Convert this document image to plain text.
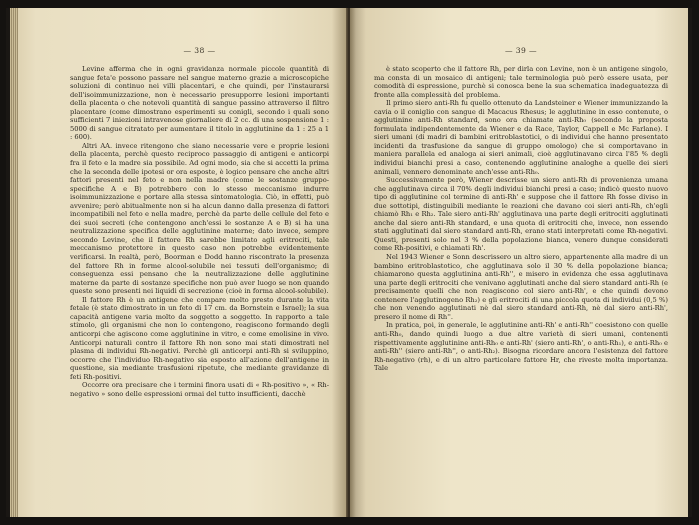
— 38 —

Levine afferma che in ogni gravidanza normale piccole quantità di sangue feta'e possono passare nel sangue materno grazie a microscopiche soluzioni di continuo nei villi placentari, e che quindi, per l'instaurarsi dell'isoimmunizzazione, non è necessario presupporre lesioni importanti della placenta o che notevoli quantità di sangue passino attraverso il filtro placentare (come dimostrano esperimenti su conigli, secondo i quali sono sufficienti 7 iniezioni intravenose giornaliere di 2 cc. di una sospensione 1 : 5000 di sangue citratato per aumentare il titolo in agglutinine da 1 : 25 a 1 : 600).

Altri AA. invece ritengono che siano necessarie vere e proprie lesioni della placenta, perchè questo reciproco passaggio di antigeni e anticorpi fra il feto e la madre sia possibile. Ad ogni modo, sia che si accetti la prima che la seconda delle ipotesi or ora esposte, è logico pensare che anche altri fattori presenti nel feto e non nella madre (come le sostanze gruppo-specifiche A e B) potrebbero con lo stesso meccanismo indurre isoimmunizzazione e portare alla stessa sintomatologia. Ciò, in effetti, può avvenire; però abitualmente non si ha alcun danno dalla presenza di fattori incompatibili nel feto e nella madre, perchè da parte delle cellule del feto e dei suoi secreti (che contengono anch'essi le sostanze A e B) si ha una neutralizzazione specifica delle agglutinine materne; dato invece, sempre secondo Levine, che il fattore Rh sarebbe limitato agli eritrociti, tale meccanismo protettore in questo caso non potrebbe evidentemente verificarsi. In realtà, però, Boorman e Dodd hanno riscontrato la presenza del fattore Rh in forme alcool-solubile nei tessuti dell'organismo; di conseguenza essi pensano che la neutralizzazione delle agglutinine materne da parte di sostanze specifiche non può aver luogo se non quando queste sono presenti nei liquidi di secrezione (cioè in forma alcool-solubile).

Il fattore Rh è un antigene che compare molto presto durante la vita fetale (è stato dimostrato in un feto di 17 cm. da Bornstein e Israel); la sua capacità antigene varia molto da soggetto a soggetto. In rapporto a tale stimolo, gli organismi che non lo contengono, reagiscono formando degli anticorpi che agiscono come agglutinine in vitro, e come emolisine in vivo. Anticorpi naturali contro il fattore Rh non sono mai stati dimostrati nel plasma di individui Rh-negativi. Perchè gli anticorpi anti-Rh si sviluppino, occorre che l'individuo Rh-negativo sia esposto all'azione dell'antigene in questione, sia mediante trasfusioni ripetute, che mediante gravidanze di feti Rh-positivi.

Occorre ora precisare che i termini finora usati di « Rh-positivo », « Rh-negativo » sono delle espressioni ormai del tutto insufficienti, dacchè

— 39 —

è stato scoperto che il fattore Rh, per dirla con Levine, non è un antigene singolo, ma consta di un mosaico di antigeni; tale terminologia può però essere usata, per comodità di espressione, purchè si conosca bene la sua schematica inadeguatezza di fronte alla complessità del problema.

Il primo siero anti-Rh fu quello ottenuto da Landsteiner e Wiener immunizzando la cavia o il coniglio con sangue di Macacus Rhesus; le agglutinine in esso contenute, o agglutinine anti-Rh standard, sono ora chiamate anti-Rh₀ (secondo la proposta formulata indipendentemente da Wiener e da Race, Taylor, Cappell e Mc Farlane). I sieri umani (di madri di bambini eritroblastotici, o di individui che hanno presentato incidenti da trasfusione da sangue di gruppo omologo) che si comportavano in maniera parallela ed analoga ai sieri animali, cioè agglutinavano circa l'85 % degli individui bianchi presi a caso, contenendo agglutinine analoghe a quelle dei sieri animali, vennero denominate anch'esse anti-Rh₀.

Successivamente però, Wiener descrisse un siero anti-Rh di provenienza umana che agglutinava circa il 70% degli individui bianchi presi a caso; indicò questo nuovo tipo di agglutinine col termine di anti-Rh' e suppose che il fattore Rh fosse diviso in due sottotipi, distinguibili mediante le reazioni che davano coi sieri anti-Rh, ch'egli chiamò Rh₁ e Rh₂. Tale siero anti-Rh' agglutinava una parte degli eritrociti agglutinati anche dal siero anti-Rh standard, e una quota di eritrociti che, invece, non essendo stati agglutinati dal siero standard anti-Rh, erano stati interpretati come Rh-negativi. Questi, presenti solo nel 3 % della popolazione bianca, venero dunque considerati come Rh-positivi, e chiamati Rh'.

Nel 1943 Wiener e Sonn descrissero un altro siero, appartenente alla madre di un bambino eritroblastotico, che agglutinava solo il 30 % della popolazione bianca; chiamarono questa agglutinina anti-Rh'', e misero in evidenza che essa agglutinava una parte degli eritrociti che venivano agglutinati anche dal siero standard anti-Rh (e precisamente quelli che non reagiscono col siero anti-Rh', e che quindi devono contenere l'agglutinogeno Rh₂) e gli eritrociti di una piccola quota di individui (0,5 %) che non venendo agglutinati nè dal siero standard anti-Rh, nè dal siero anti-Rh', presero il nome di Rh''.

In pratica, poi, in generale, le agglutinine anti-Rh' e anti-Rh'' coesistono con quelle anti-Rh₀, dando quindi luogo a due altre varietà di sieri umani, contenenti rispettivamente agglutinine anti-Rh₀ e anti-Rh' (siero anti-Rh', o anti-Rh₁), e anti-Rh₀ e anti-Rh'' (siero anti-Rh'', o anti-Rh₂). Bisogna ricordare ancora l'esistenza del fattore Rh-negativo (rh), e di un altro particolare fattore Hr, che riveste molta importanza. Tale
